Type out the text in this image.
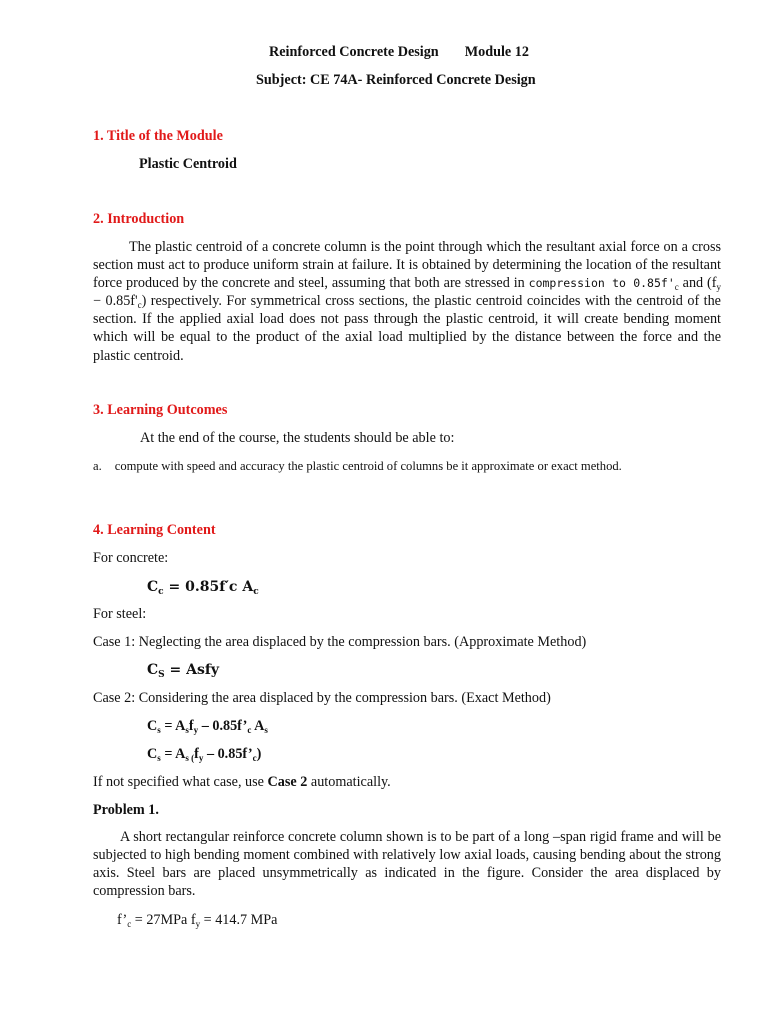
Reinforced Concrete Design Module 12
Subject: CE 74A- Reinforced Concrete Design
1. Title of the Module
Plastic Centroid
2. Introduction
The plastic centroid of a concrete column is the point through which the resultant axial force on a cross section must act to produce uniform strain at failure. It is obtained by determining the location of the resultant force produced by the concrete and steel, assuming that both are stressed in compression to $0.85f'_c$ and $(f_y - 0.85f'_c)$ respectively. For symmetrical cross sections, the plastic centroid coincides with the centroid of the section. If the applied axial load does not pass through the plastic centroid, it will create bending moment which will be equal to the product of the axial load multiplied by the distance between the force and the plastic centroid.
3. Learning Outcomes
At the end of the course, the students should be able to:
a. compute with speed and accuracy the plastic centroid of columns be it approximate or exact method.
4. Learning Content
For concrete:
$C_c = 0.85f'c$ $A_c$
For steel:
Case 1: Neglecting the area displaced by the compression bars. (Approximate Method)
$C_S$ = Asfy
Case 2: Considering the area displaced by the compression bars. (Exact Method)
$C_s = A_sf_y$ – $0.85f’_c$ $A_s$
$C_s = A_{s (}f_y$ – $0.85f’_c$)
If not specified what case, use Case 2 automatically.
Problem 1.
A short rectangular reinforce concrete column shown is to be part of a long –span rigid frame and will be subjected to high bending moment combined with relatively low axial loads, causing bending about the strong axis. Steel bars are placed unsymmetrically as indicated in the figure. Consider the area displaced by compression bars.
$f’_c = 27MPa$ $f_y = 414.7$ MPa
